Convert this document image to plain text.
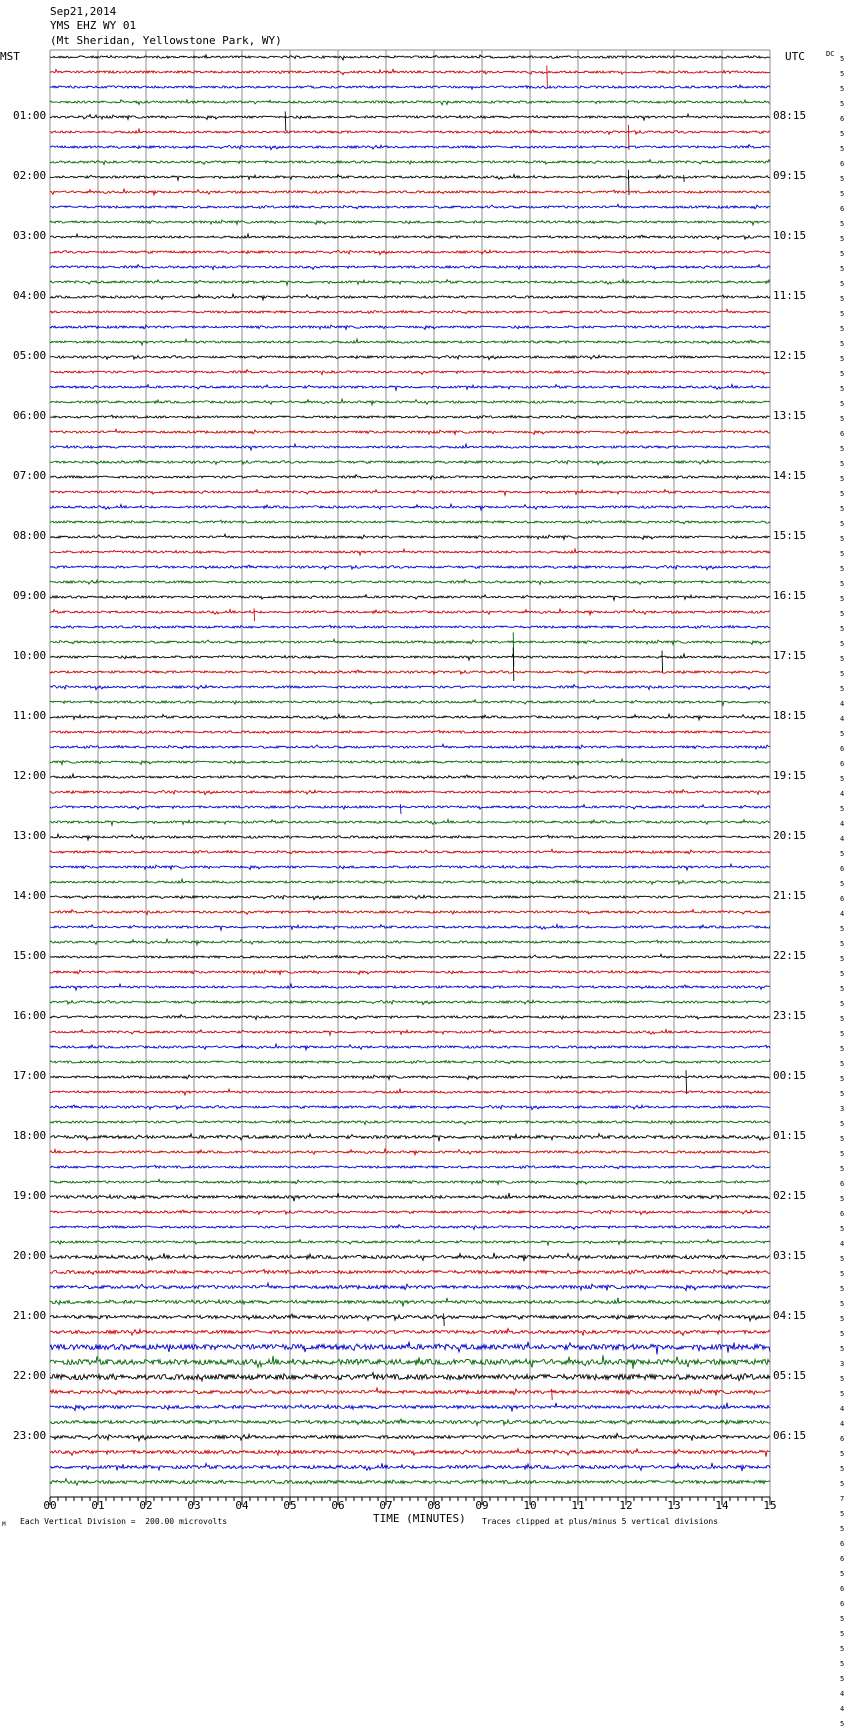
Sep21,2014
YMS EHZ WY 01
(Mt Sheridan, Yellowstone Park, WY)
MST	UTC	DC
00	01	02	03	04	05	06	07	08	09	10	11	12	13	14	15
01:00
02:00
03:00
04:00
05:00
06:00
07:00
08:00
09:00
10:00
11:00
12:00
13:00
14:00
15:00
16:00
17:00
18:00
19:00
20:00
21:00
22:00
23:00
08:15
09:15
10:15
11:15
12:15
13:15
14:15
15:15
16:15
17:15
18:15
19:15
20:15
21:15
22:15
23:15
00:15
01:15
02:15
03:15
04:15
05:15
06:15
5
5
5
5
6
5
5
6
5
5
6
5
5
5
5
5
5
5
5
5
5
5
5
5
5
6
5
5
5
5
5
5
5
5
5
5
5
5
5
5
5
5
5
4
4
5
6
6
5
4
5
4
4
5
6
5
6
4
5
5
5
5
5
5
5
5
5
5
5
5
3
5
5
5
5
6
5
6
5
4
5
5
5
5
5
5
5
3
5
5
4
4
6
5
5
5
7
5
5
6
6
5
6
6
5
5
5
5
5
4
4
5
M Each Vertical Division =  200.00 microvolts	TIME (MINUTES) Traces clipped at plus/minus 5 vertical divisions
